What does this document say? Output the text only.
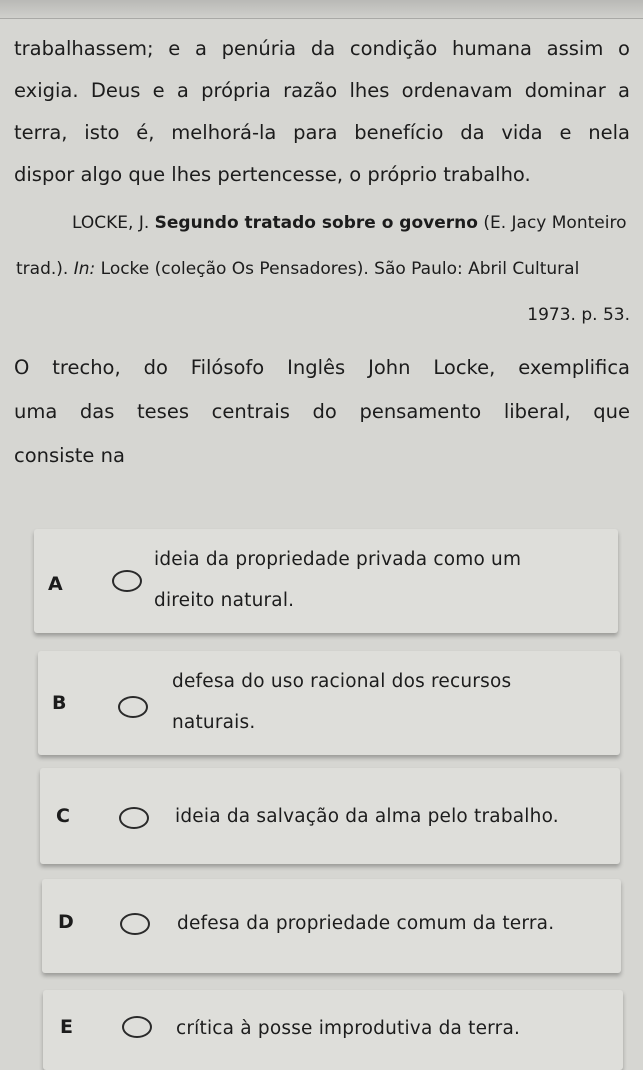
trabalhassem; e a penúria da condição humana assim o

exigia. Deus e a própria razão lhes ordenavam dominar a

terra, isto é, melhorá-la para benefício da vida e nela

dispor algo que lhes pertencesse, o próprio trabalho.

LOCKE, J. Segundo tratado sobre o governo (E. Jacy Monteiro
trad.). In: Locke (coleção Os Pensadores). São Paulo: Abril Cultural
1973. p. 53.
O trecho, do Filósofo Inglês John Locke, exemplifica
uma das teses centrais do pensamento liberal, que
consiste na
A
ideia da propriedade privada como um
direito natural.
B
defesa do uso racional dos recursos
naturais.
C	ideia da salvação da alma pelo trabalho.
D	defesa da propriedade comum da terra.
E	crítica à posse improdutiva da terra.
